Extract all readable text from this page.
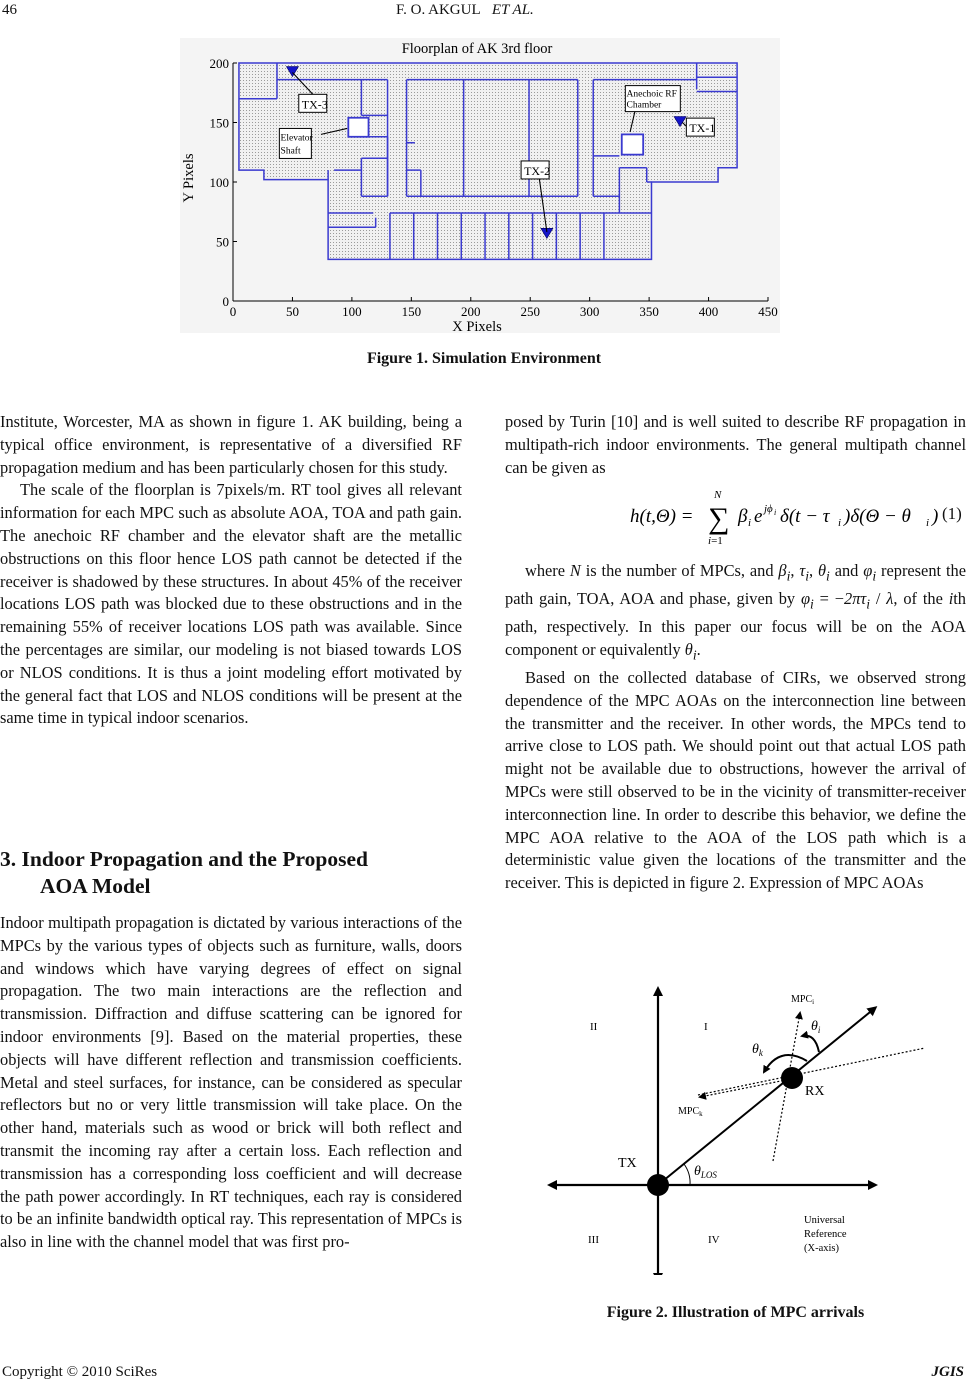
46	F. O. AKGUL ET AL.
Floorplan of AK 3rd floor
TX-1
TX-2
TX-3
Elevator
Shaft
Anechoic RF
Chamber
0	50	100	150	200	250	300	350	400	450
0
50
100
150
200
X Pixels
Y Pixels
Figure 1. Simulation Environment

Institute, Worcester, MA as shown in figure 1. AK building, being a typical office environment, is representative of a diversified RF propagation medium and has been particularly chosen for this study.

The scale of the floorplan is 7pixels/m. RT tool gives all relevant information for each MPC such as absolute AOA, TOA and path gain. The anechoic RF chamber and the elevator shaft are the metallic obstructions on this floor hence LOS path cannot be detected if the receiver is shadowed by these structures. In about 45% of the receiver locations LOS path was blocked due to these obstructions and in the remaining 55% of receiver locations LOS path was available. Since the percentages are similar, our modeling is not biased towards LOS or NLOS conditions. It is thus a joint modeling effort motivated by the general fact that LOS and NLOS conditions will be present at the same time in typical indoor scenarios.

3. Indoor Propagation and the Proposed
AOA Model

Indoor multipath propagation is dictated by various interactions of the MPCs by the various types of objects such as furniture, walls, doors and windows which have varying degrees of effect on signal propagation. The two main interactions are the reflection and transmission. Diffraction and diffuse scattering can be ignored for indoor environments [9]. Based on the material properties, these objects will have different reflection and transmission coefficients. Metal and steel surfaces, for instance, can be considered as specular reflectors but no or very little transmission will take place. On the other hand, materials such as wood or brick will both reflect and transmit the incoming ray after a certain loss. Each reflection and transmission has a corresponding loss coefficient and will decrease the path power accordingly. In RT techniques, each ray is considered to be an infinite bandwidth optical ray. This representation of MPCs is also in line with the channel model that was first pro-

posed by Turin [10] and is well suited to describe RF propagation in multipath-rich indoor environments. The general multipath channel can be given as

h(t,Θ) = ∑
N
i=1
β i e jϕ i δ(t − τ i )δ(Θ − θ i ) (1)

where N is the number of MPCs, and $\beta_i$, $\tau_i$, $\theta_i$ and $\varphi_i$ represent the path gain, TOA, AOA and phase, given by $\varphi_i = -2\pi\tau_i / \lambda$, of the ith path, respectively. In this paper our focus will be on the AOA component or equivalently $\theta_i$.

Based on the collected database of CIRs, we observed strong dependence of the MPC AOAs on the interconnection line between the transmitter and the receiver. In other words, the MPCs tend to arrive close to LOS path. We should point out that actual LOS path might not be available due to obstructions, however the arrival of MPCs were still observed to be in the vicinity of transmitter-receiver interconnection line. In order to describe this behavior, we define the MPC AOA relative to the AOA of the LOS path which is a deterministic value given the locations of the transmitter and the receiver. This is depicted in figure 2. Expression of MPC AOAs

II	I
III	IV
TX
RX
$MPC_i$
$MPC_k$
$\theta_i$
$\theta_k$
$\theta_{LOS}$
Universal
Reference
(X-axis)
Figure 2. Illustration of MPC arrivals
Copyright © 2010 SciRes	JGIS
